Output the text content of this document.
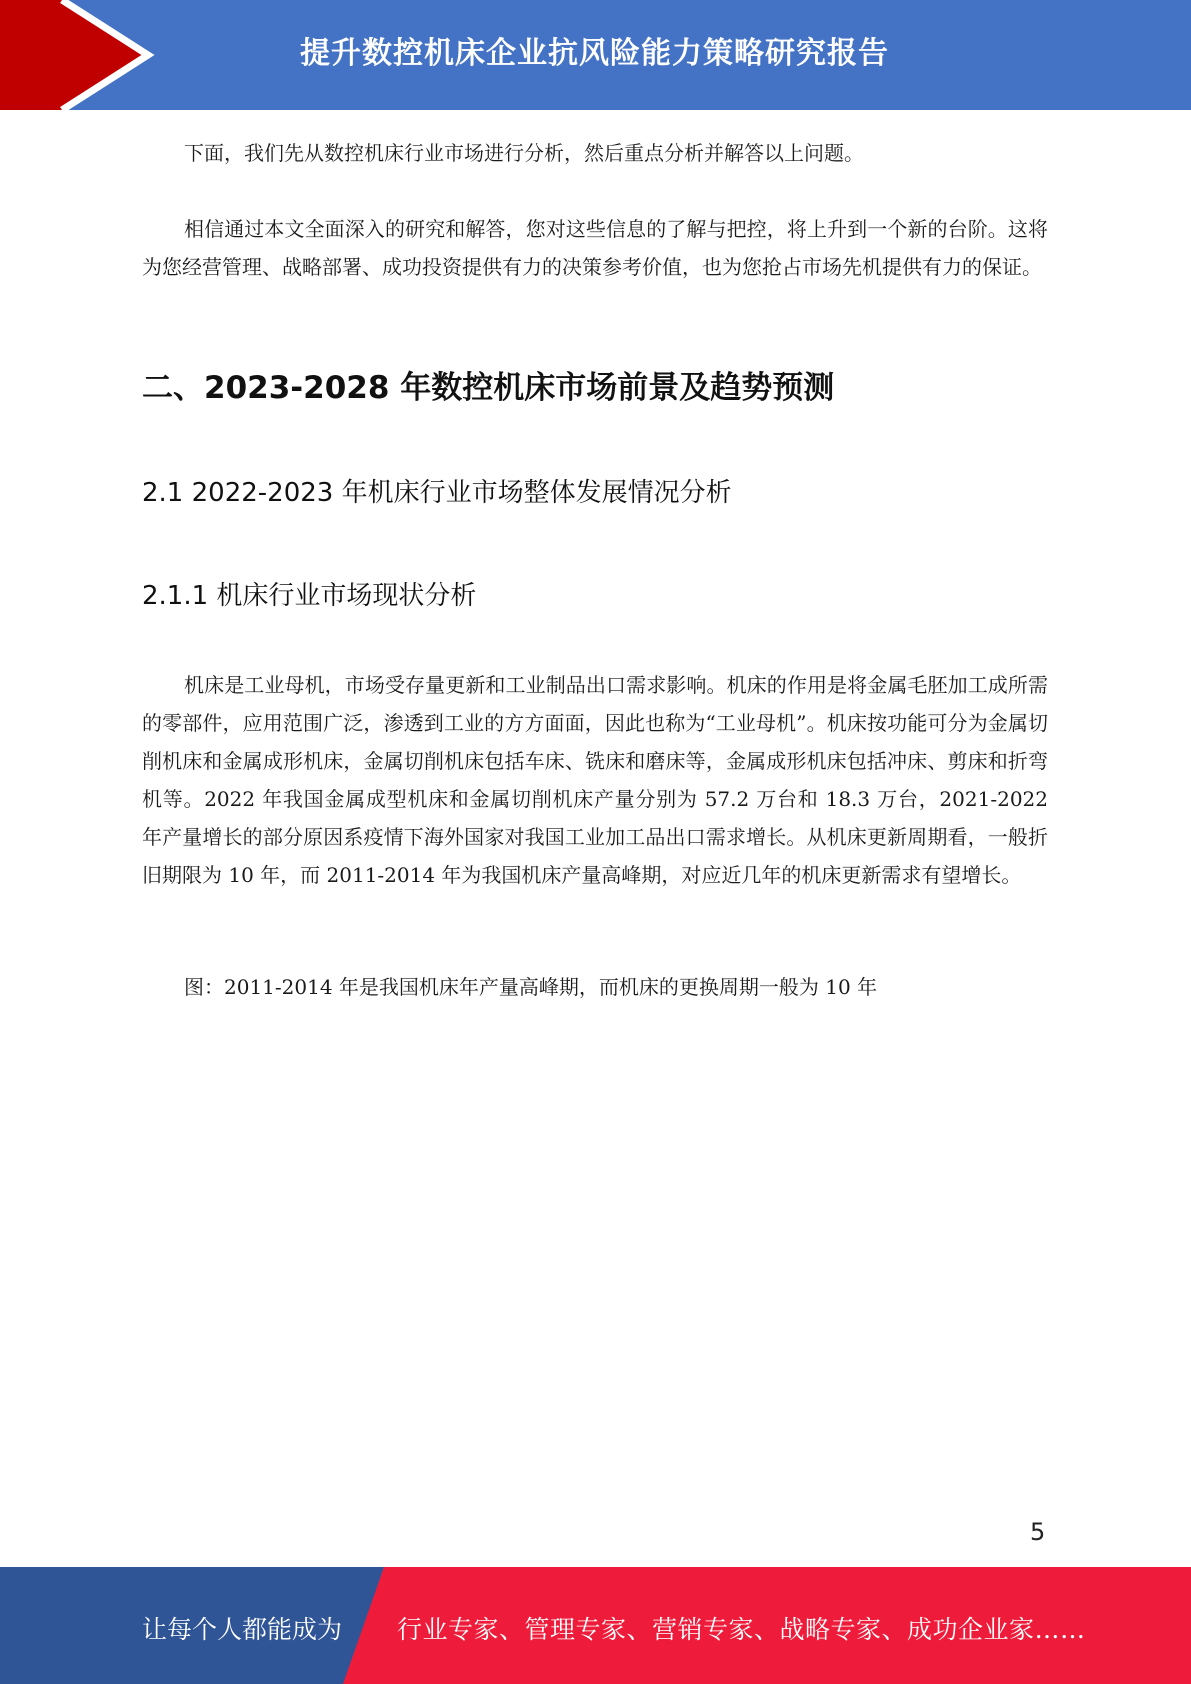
提升数控机床企业抗风险能力策略研究报告

下面，我们先从数控机床行业市场进行分析，然后重点分析并解答以上问题。

相信通过本文全面深入的研究和解答，您对这些信息的了解与把控，将上升到一个新的台阶。这将为您经营管理、战略部署、成功投资提供有力的决策参考价值，也为您抢占市场先机提供有力的保证。

二、2023-2028 年数控机床市场前景及趋势预测
2.1 2022-2023 年机床行业市场整体发展情况分析
2.1.1 机床行业市场现状分析

机床是工业母机，市场受存量更新和工业制品出口需求影响。机床的作用是将金属毛胚加工成所需的零部件，应用范围广泛，渗透到工业的方方面面，因此也称为“工业母机”。机床按功能可分为金属切削机床和金属成形机床，金属切削机床包括车床、铣床和磨床等，金属成形机床包括冲床、剪床和折弯机等。2022 年我国金属成型机床和金属切削机床产量分别为 57.2 万台和 18.3 万台，2021-2022 年产量增长的部分原因系疫情下海外国家对我国工业加工品出口需求增长。从机床更新周期看，一般折旧期限为 10 年，而 2011-2014 年为我国机床产量高峰期，对应近几年的机床更新需求有望增长。

图：2011-2014 年是我国机床年产量高峰期，而机床的更换周期一般为 10 年

5
让每个人都能成为 行业专家、管理专家、营销专家、战略专家、成功企业家……
